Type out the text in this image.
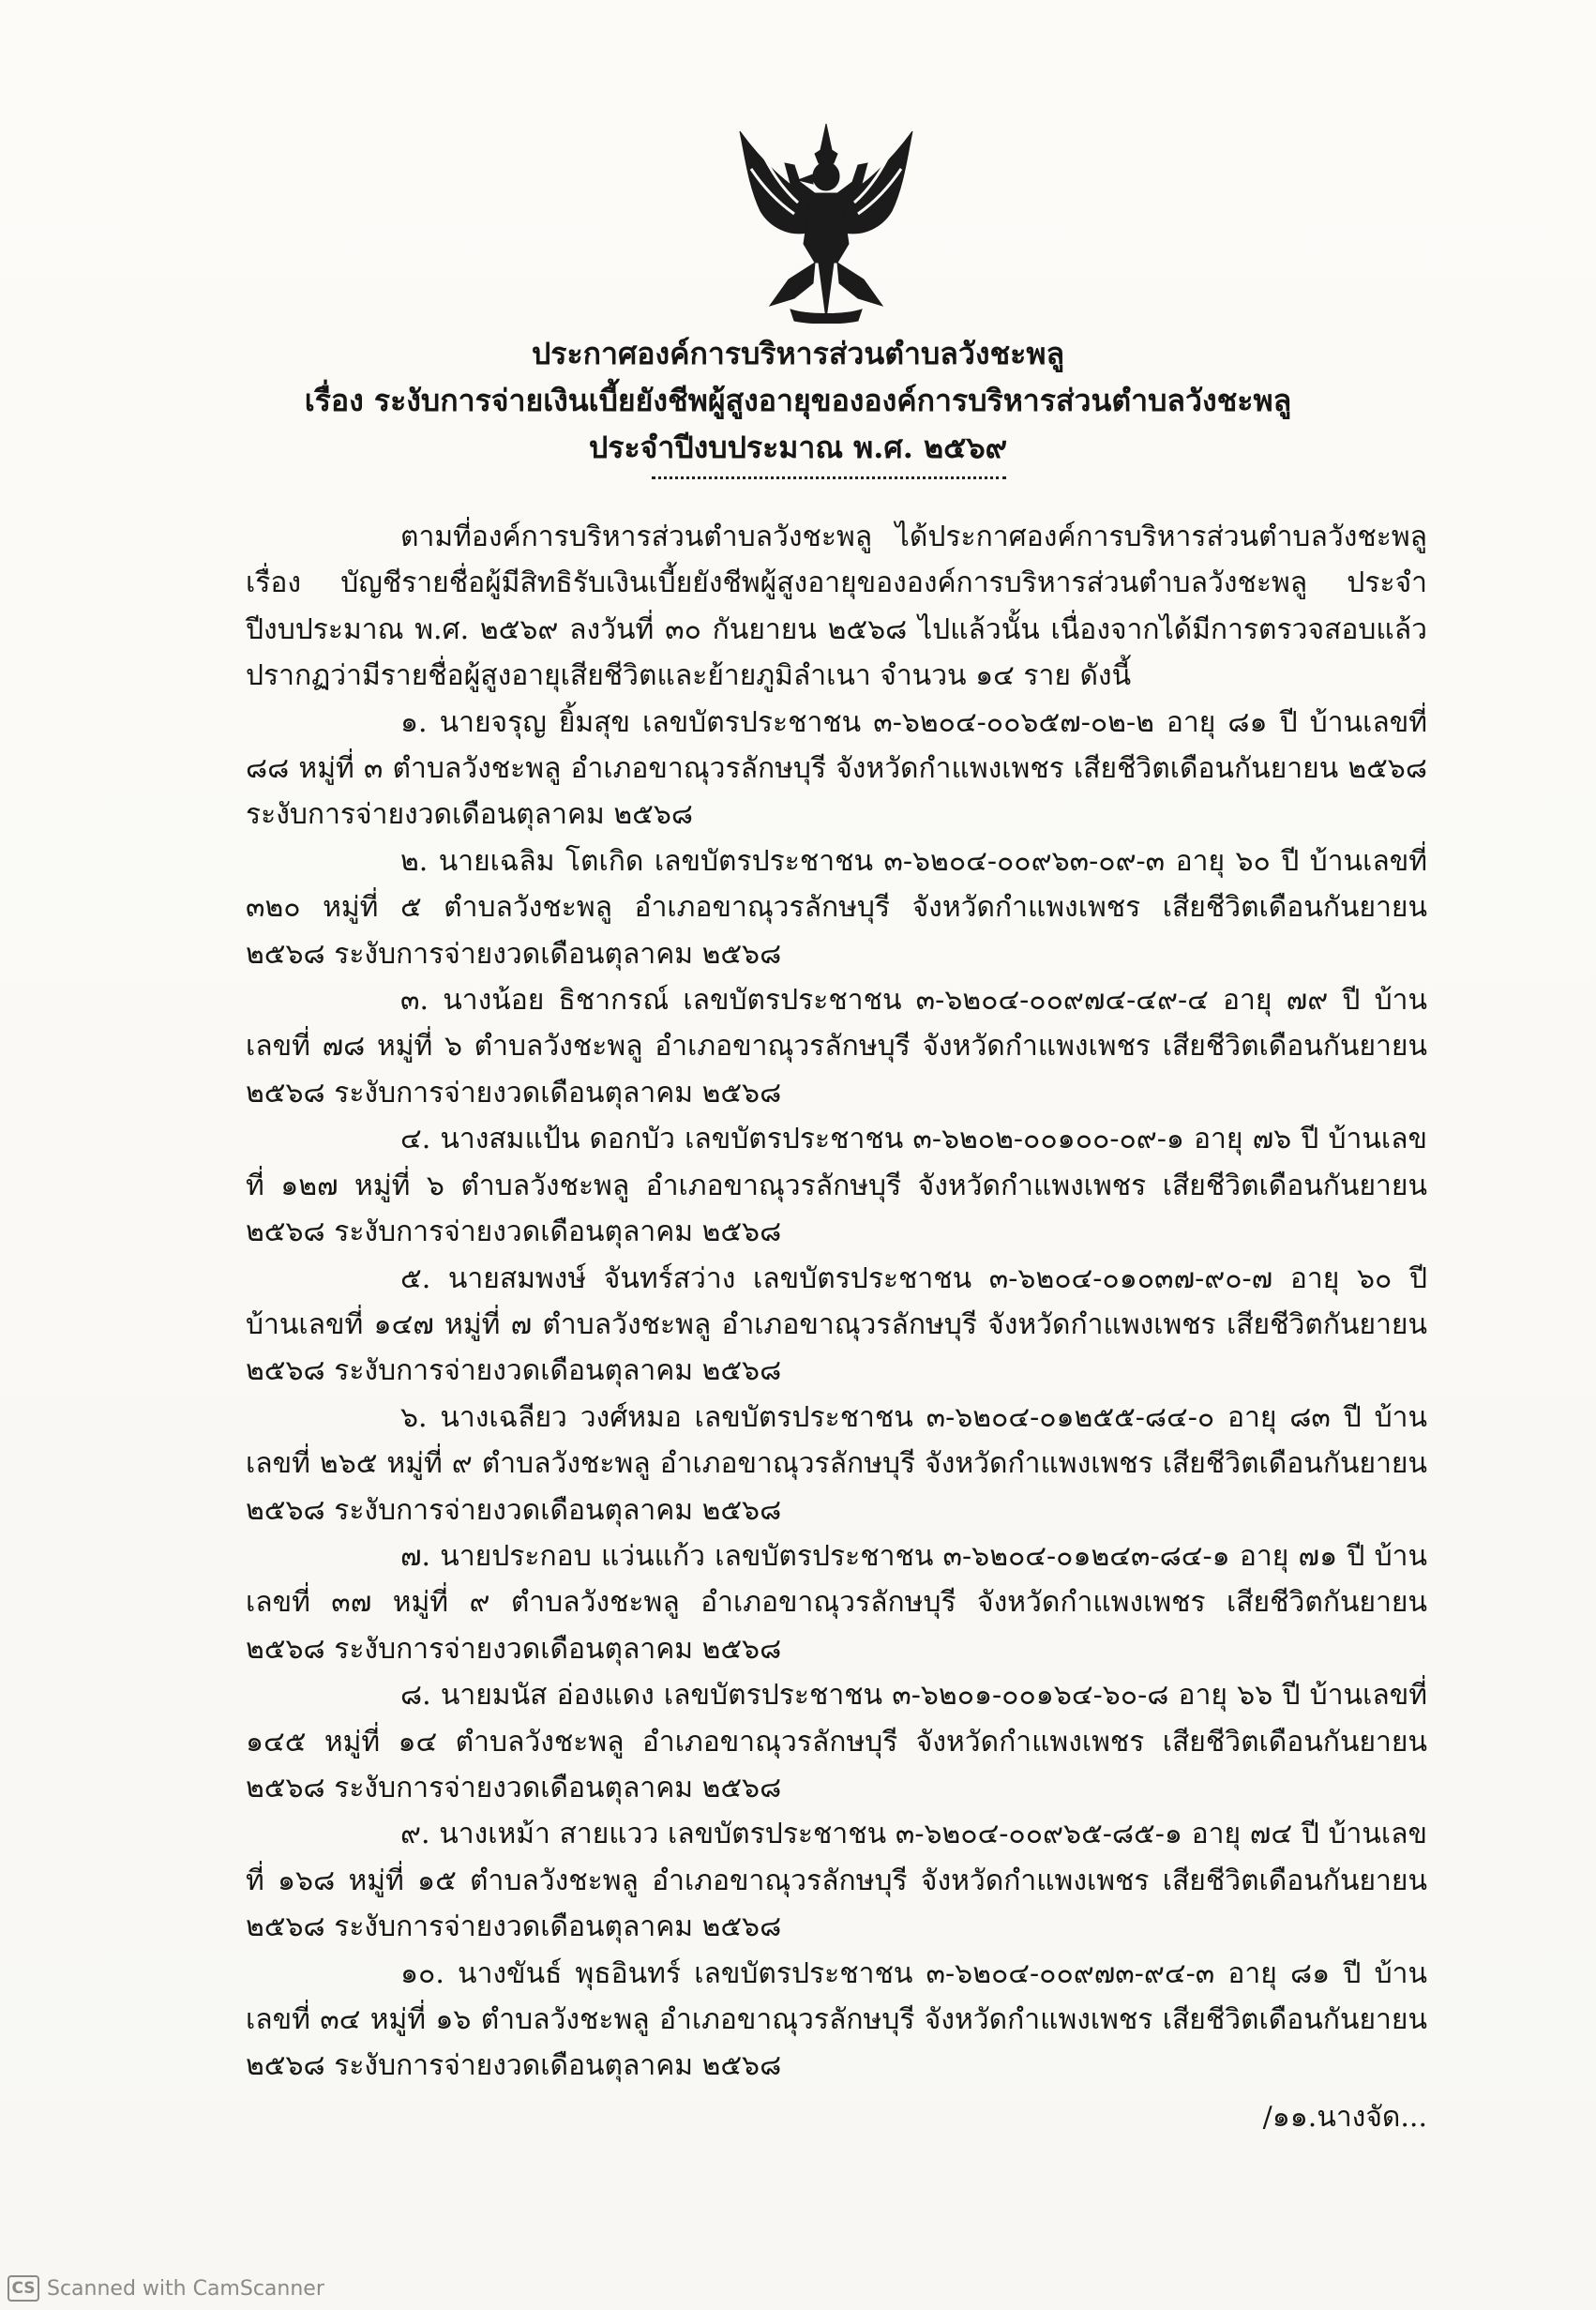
ประกาศองค์การบริหารส่วนตำบลวังชะพลู
เรื่อง ระงับการจ่ายเงินเบี้ยยังชีพผู้สูงอายุขององค์การบริหารส่วนตำบลวังชะพลู
ประจำปีงบประมาณ พ.ศ. ๒๕๖๙

ตามที่องค์การบริหารส่วนตำบลวังชะพลู ได้ประกาศองค์การบริหารส่วนตำบลวังชะพลู เรื่อง บัญชีรายชื่อผู้มีสิทธิรับเงินเบี้ยยังชีพผู้สูงอายุขององค์การบริหารส่วนตำบลวังชะพลู ประจำปีงบประมาณ พ.ศ. ๒๕๖๙ ลงวันที่ ๓๐ กันยายน ๒๕๖๘ ไปแล้วนั้น เนื่องจากได้มีการตรวจสอบแล้ว ปรากฏว่ามีรายชื่อผู้สูงอายุเสียชีวิตและย้ายภูมิลำเนา จำนวน ๑๔ ราย ดังนี้

๑. นายจรุญ ยิ้มสุข เลขบัตรประชาชน ๓-๖๒๐๔-๐๐๖๕๗-๐๒-๒ อายุ ๘๑ ปี บ้านเลขที่ ๘๘ หมู่ที่ ๓ ตำบลวังชะพลู อำเภอขาณุวรลักษบุรี จังหวัดกำแพงเพชร เสียชีวิตเดือนกันยายน ๒๕๖๘ ระงับการจ่ายงวดเดือนตุลาคม ๒๕๖๘

๒. นายเฉลิม โตเกิด เลขบัตรประชาชน ๓-๖๒๐๔-๐๐๙๖๓-๐๙-๓ อายุ ๖๐ ปี บ้านเลขที่ ๓๒๐ หมู่ที่ ๕ ตำบลวังชะพลู อำเภอขาณุวรลักษบุรี จังหวัดกำแพงเพชร เสียชีวิตเดือนกันยายน ๒๕๖๘ ระงับการจ่ายงวดเดือนตุลาคม ๒๕๖๘

๓. นางน้อย ธิชากรณ์ เลขบัตรประชาชน ๓-๖๒๐๔-๐๐๙๗๔-๔๙-๔ อายุ ๗๙ ปี บ้านเลขที่ ๗๘ หมู่ที่ ๖ ตำบลวังชะพลู อำเภอขาณุวรลักษบุรี จังหวัดกำแพงเพชร เสียชีวิตเดือนกันยายน ๒๕๖๘ ระงับการจ่ายงวดเดือนตุลาคม ๒๕๖๘

๔. นางสมแป้น ดอกบัว เลขบัตรประชาชน ๓-๖๒๐๒-๐๐๑๐๐-๐๙-๑ อายุ ๗๖ ปี บ้านเลขที่ ๑๒๗ หมู่ที่ ๖ ตำบลวังชะพลู อำเภอขาณุวรลักษบุรี จังหวัดกำแพงเพชร เสียชีวิตเดือนกันยายน ๒๕๖๘ ระงับการจ่ายงวดเดือนตุลาคม ๒๕๖๘

๕. นายสมพงษ์ จันทร์สว่าง เลขบัตรประชาชน ๓-๖๒๐๔-๐๑๐๓๗-๙๐-๗ อายุ ๖๐ ปี บ้านเลขที่ ๑๔๗ หมู่ที่ ๗ ตำบลวังชะพลู อำเภอขาณุวรลักษบุรี จังหวัดกำแพงเพชร เสียชีวิตกันยายน ๒๕๖๘ ระงับการจ่ายงวดเดือนตุลาคม ๒๕๖๘

๖. นางเฉลียว วงศ์หมอ เลขบัตรประชาชน ๓-๖๒๐๔-๐๑๒๕๕-๘๔-๐ อายุ ๘๓ ปี บ้านเลขที่ ๒๖๕ หมู่ที่ ๙ ตำบลวังชะพลู อำเภอขาณุวรลักษบุรี จังหวัดกำแพงเพชร เสียชีวิตเดือนกันยายน ๒๕๖๘ ระงับการจ่ายงวดเดือนตุลาคม ๒๕๖๘

๗. นายประกอบ แว่นแก้ว เลขบัตรประชาชน ๓-๖๒๐๔-๐๑๒๔๓-๘๔-๑ อายุ ๗๑ ปี บ้านเลขที่ ๓๗ หมู่ที่ ๙ ตำบลวังชะพลู อำเภอขาณุวรลักษบุรี จังหวัดกำแพงเพชร เสียชีวิตกันยายน ๒๕๖๘ ระงับการจ่ายงวดเดือนตุลาคม ๒๕๖๘

๘. นายมนัส อ่องแดง เลขบัตรประชาชน ๓-๖๒๐๑-๐๐๑๖๔-๖๐-๘ อายุ ๖๖ ปี บ้านเลขที่ ๑๔๕ หมู่ที่ ๑๔ ตำบลวังชะพลู อำเภอขาณุวรลักษบุรี จังหวัดกำแพงเพชร เสียชีวิตเดือนกันยายน ๒๕๖๘ ระงับการจ่ายงวดเดือนตุลาคม ๒๕๖๘

๙. นางเหม้า สายแวว เลขบัตรประชาชน ๓-๖๒๐๔-๐๐๙๖๕-๘๕-๑ อายุ ๗๔ ปี บ้านเลขที่ ๑๖๘ หมู่ที่ ๑๕ ตำบลวังชะพลู อำเภอขาณุวรลักษบุรี จังหวัดกำแพงเพชร เสียชีวิตเดือนกันยายน ๒๕๖๘ ระงับการจ่ายงวดเดือนตุลาคม ๒๕๖๘

๑๐. นางขันธ์ พุธอินทร์ เลขบัตรประชาชน ๓-๖๒๐๔-๐๐๙๗๓-๙๔-๓ อายุ ๘๑ ปี บ้านเลขที่ ๓๔ หมู่ที่ ๑๖ ตำบลวังชะพลู อำเภอขาณุวรลักษบุรี จังหวัดกำแพงเพชร เสียชีวิตเดือนกันยายน ๒๕๖๘ ระงับการจ่ายงวดเดือนตุลาคม ๒๕๖๘

/๑๑.นางจัด...
CS Scanned with CamScanner
